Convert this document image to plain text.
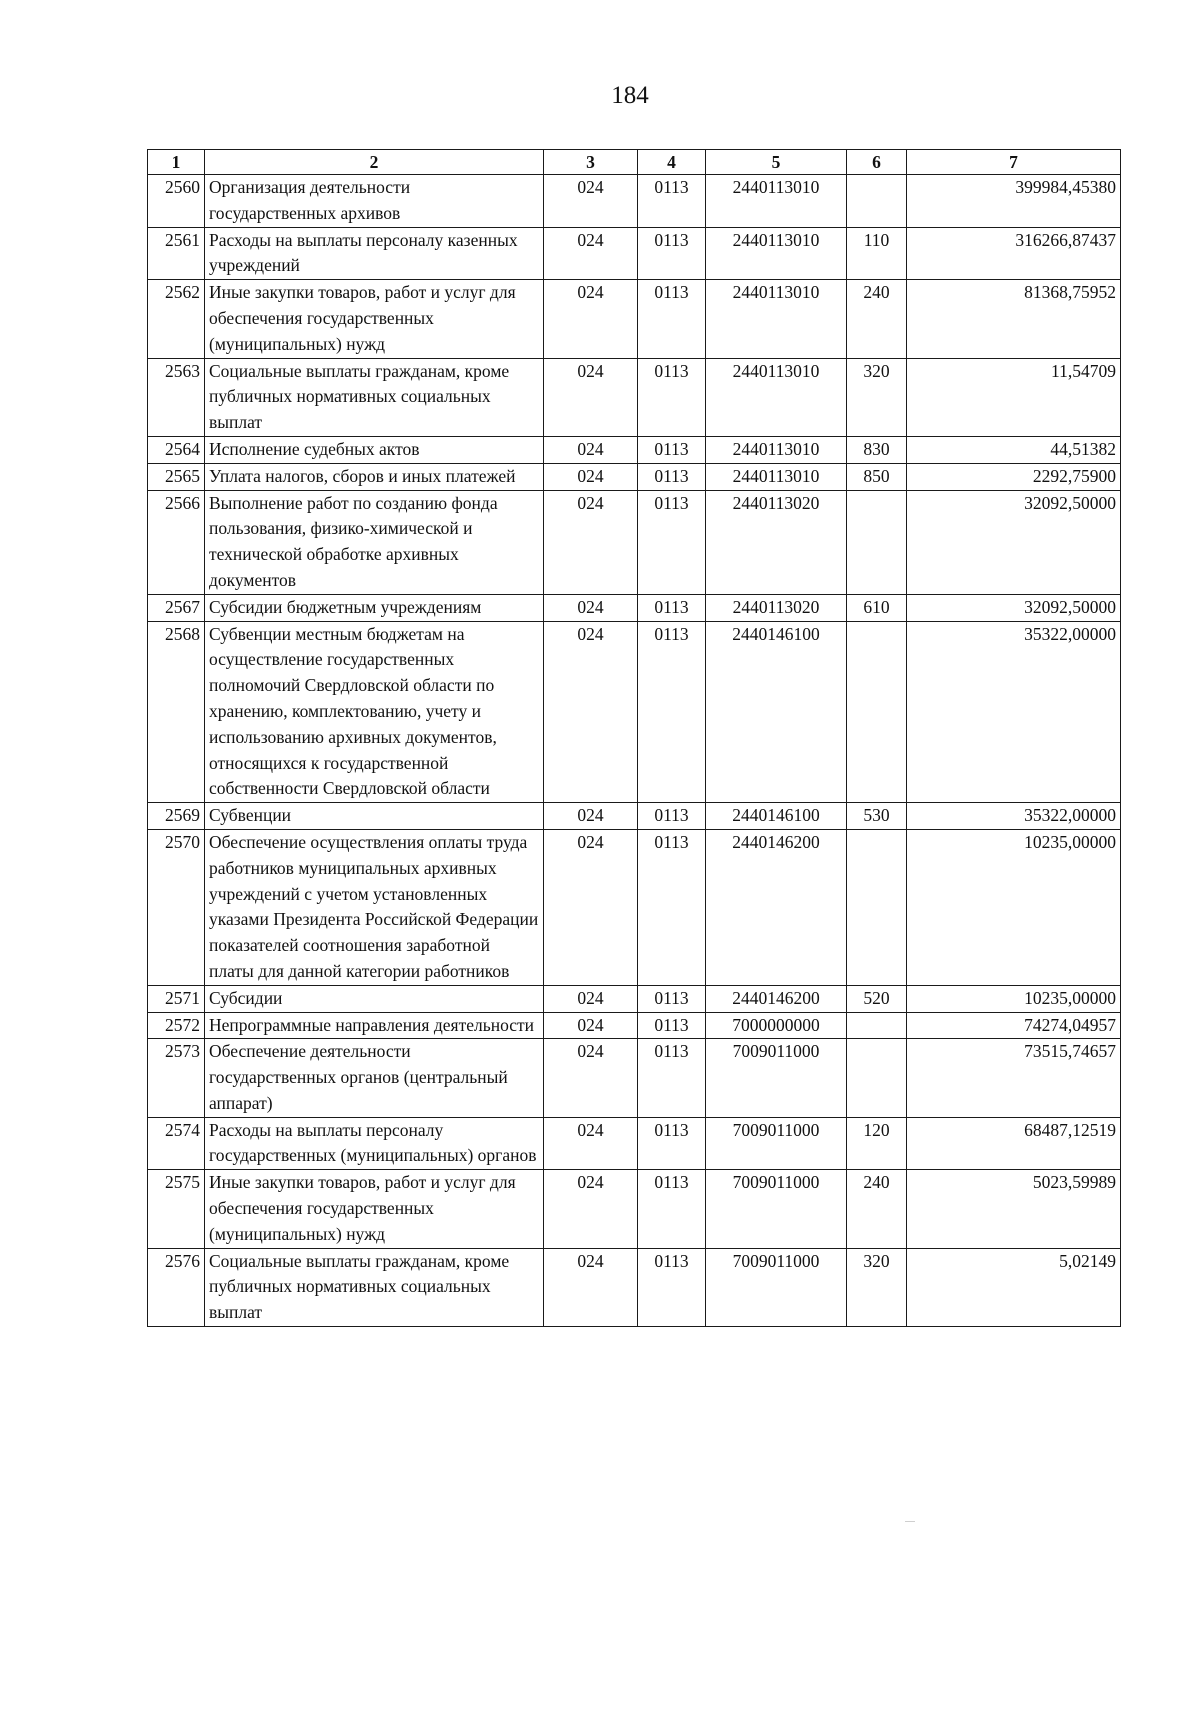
184
1	2	3	4	5	6	7
2560	Организация деятельности государственных архивов	024	0113	2440113010		399984,45380
2561	Расходы на выплаты персоналу казенных учреждений	024	0113	2440113010	110	316266,87437
2562	Иные закупки товаров, работ и услуг для обеспечения государственных (муниципальных) нужд	024	0113	2440113010	240	81368,75952
2563	Социальные выплаты гражданам, кроме публичных нормативных социальных выплат	024	0113	2440113010	320	11,54709
2564	Исполнение судебных актов	024	0113	2440113010	830	44,51382
2565	Уплата налогов, сборов и иных платежей	024	0113	2440113010	850	2292,75900
2566	Выполнение работ по созданию фонда пользования, физико-химической и технической обработке архивных документов	024	0113	2440113020		32092,50000
2567	Субсидии бюджетным учреждениям	024	0113	2440113020	610	32092,50000
2568	Субвенции местным бюджетам на осуществление государственных полномочий Свердловской области по хранению, комплектованию, учету и использованию архивных документов, относящихся к государственной собственности Свердловской области	024	0113	2440146100		35322,00000
2569	Субвенции	024	0113	2440146100	530	35322,00000
2570	Обеспечение осуществления оплаты труда работников муниципальных архивных учреждений с учетом установленных указами Президента Российской Федерации показателей соотношения заработной платы для данной категории работников	024	0113	2440146200		10235,00000
2571	Субсидии	024	0113	2440146200	520	10235,00000
2572	Непрограммные направления деятельности	024	0113	7000000000		74274,04957
2573	Обеспечение деятельности государственных органов (центральный аппарат)	024	0113	7009011000		73515,74657
2574	Расходы на выплаты персоналу государственных (муниципальных) органов	024	0113	7009011000	120	68487,12519
2575	Иные закупки товаров, работ и услуг для обеспечения государственных (муниципальных) нужд	024	0113	7009011000	240	5023,59989
2576	Социальные выплаты гражданам, кроме публичных нормативных социальных выплат	024	0113	7009011000	320	5,02149
